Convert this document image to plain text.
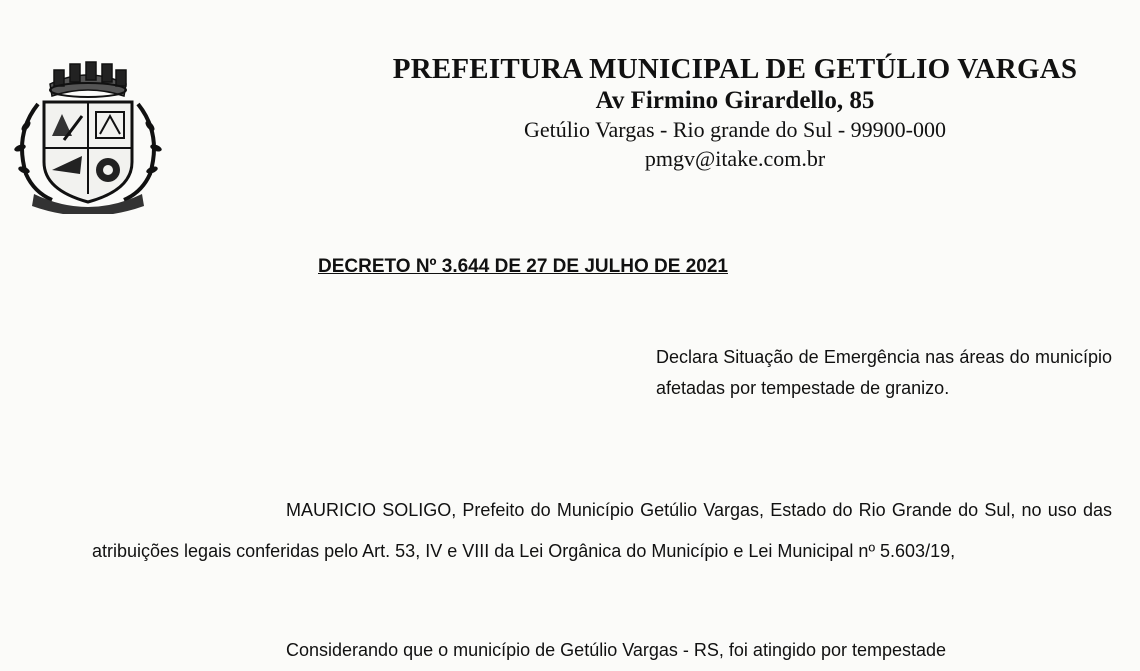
PREFEITURA MUNICIPAL DE GETÚLIO VARGAS
Av Firmino Girardello, 85
Getúlio Vargas - Rio grande do Sul - 99900-000
pmgv@itake.com.br
DECRETO Nº 3.644 DE 27 DE JULHO DE 2021
Declara Situação de Emergência nas áreas do município afetadas por tempestade de granizo.
MAURICIO SOLIGO, Prefeito do Município Getúlio Vargas, Estado do Rio Grande do Sul, no uso das atribuições legais conferidas pelo Art. 53, IV e VIII da Lei Orgânica do Município e Lei Municipal nº 5.603/19,
Considerando que o município de Getúlio Vargas - RS, foi atingido por tempestade
